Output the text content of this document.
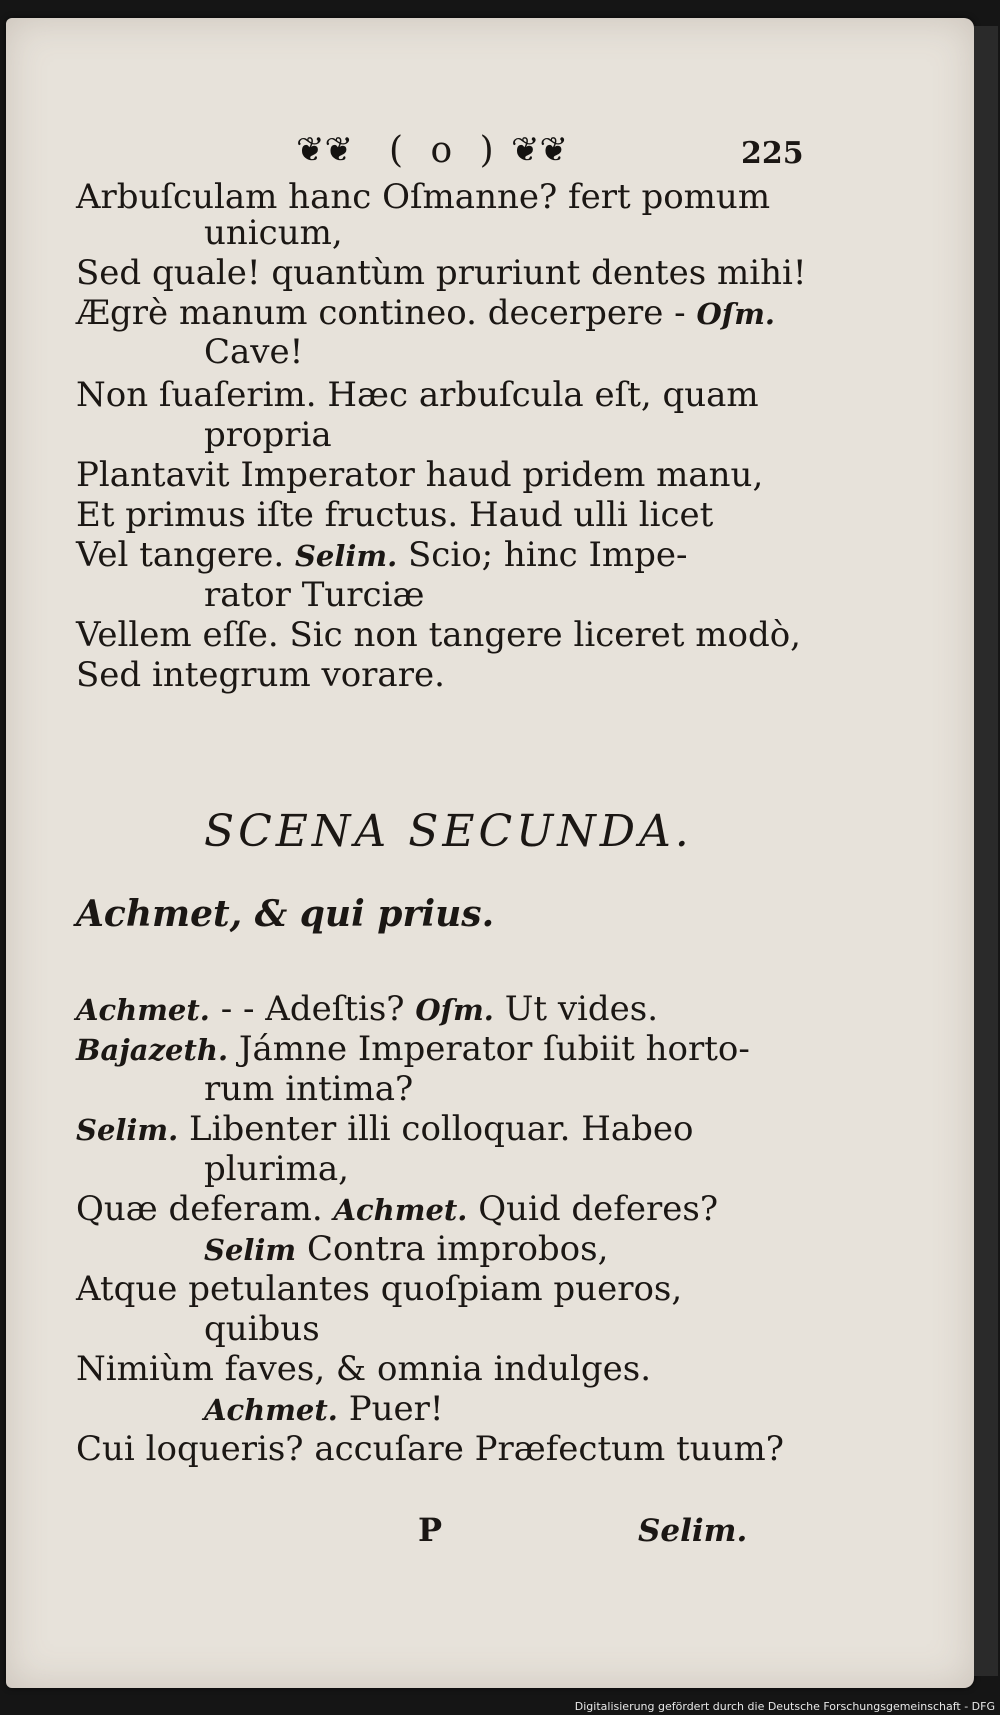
❦❦ ( o ) ❦❦	225
Arbuſculam hanc Oſmanne? fert pomum
unicum,
Sed quale! quantùm pruriunt dentes mihi!
Ægrè manum contineo. decerpere - Oſm.
Cave!
Non ſuaſerim. Hæc arbuſcula eſt, quam
propria
Plantavit Imperator haud pridem manu,
Et primus iſte fructus. Haud ulli licet
Vel tangere. Selim. Scio; hinc Impe-
rator Turciæ
Vellem eſſe. Sic non tangere liceret modò,
Sed integrum vorare.
SCENA SECUNDA.
Achmet, & qui prius.
Achmet. - - Adeſtis? Oſm. Ut vides.
Bajazeth. Jámne Imperator ſubiit horto-
rum intima?
Selim. Libenter illi colloquar. Habeo
plurima,
Quæ deferam. Achmet. Quid deferes?
Selim Contra improbos,
Atque petulantes quoſpiam pueros,
quibus
Nimiùm faves, & omnia indulges.
Achmet. Puer!
Cui loqueris? accuſare Præfectum tuum?
P	Selim.
Digitalisierung gefördert durch die Deutsche Forschungsgemeinschaft - DFG
